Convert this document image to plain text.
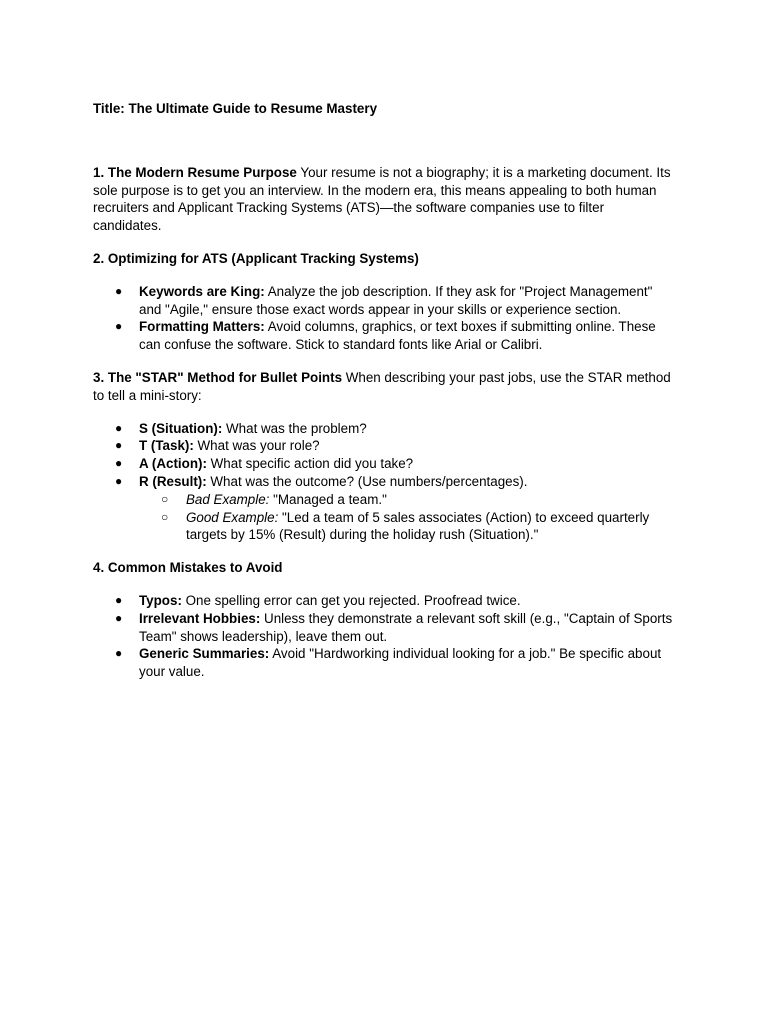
Title: The Ultimate Guide to Resume Mastery

1. The Modern Resume Purpose Your resume is not a biography; it is a marketing document. Its sole purpose is to get you an interview. In the modern era, this means appealing to both human recruiters and Applicant Tracking Systems (ATS)—the software companies use to filter candidates.

2. Optimizing for ATS (Applicant Tracking Systems)
● Keywords are King: Analyze the job description. If they ask for "Project Management" and "Agile," ensure those exact words appear in your skills or experience section.
● Formatting Matters: Avoid columns, graphics, or text boxes if submitting online. These can confuse the software. Stick to standard fonts like Arial or Calibri.

3. The "STAR" Method for Bullet Points When describing your past jobs, use the STAR method to tell a mini-story:

● S (Situation): What was the problem?
● T (Task): What was your role?
● A (Action): What specific action did you take?
● R (Result): What was the outcome? (Use numbers/percentages).
○ Bad Example: "Managed a team."
○ Good Example: "Led a team of 5 sales associates (Action) to exceed quarterly targets by 15% (Result) during the holiday rush (Situation)."
4. Common Mistakes to Avoid
● Typos: One spelling error can get you rejected. Proofread twice.
● Irrelevant Hobbies: Unless they demonstrate a relevant soft skill (e.g., "Captain of Sports Team" shows leadership), leave them out.
● Generic Summaries: Avoid "Hardworking individual looking for a job." Be specific about your value.
